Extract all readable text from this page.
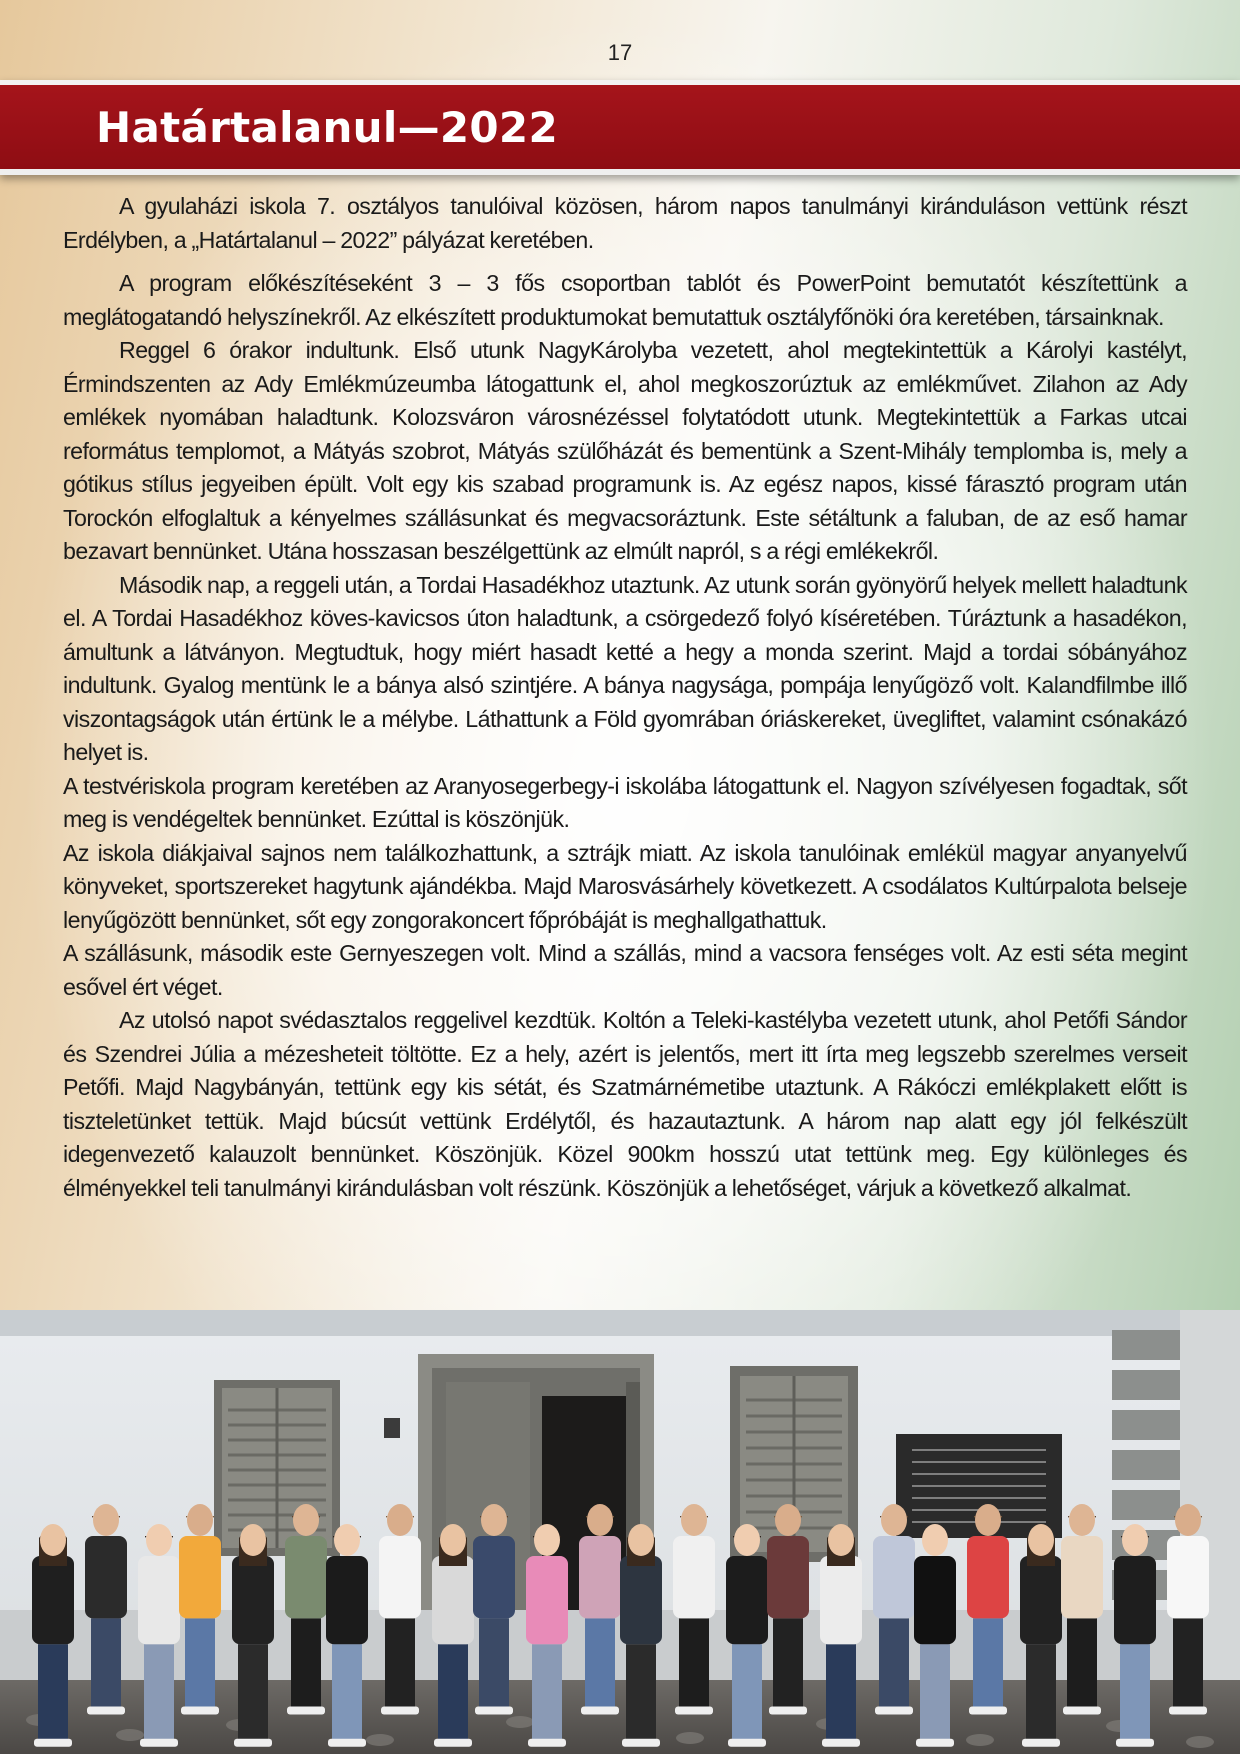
17
Határtalanul—2022

A gyulaházi iskola 7. osztályos tanulóival közösen, három napos tanulmányi kiránduláson vettünk részt Erdélyben, a „Határtalanul – 2022” pályázat keretében.

A program előkészítéseként 3 – 3 fős csoportban tablót és PowerPoint bemutatót készítettünk a meglátogatandó helyszínekről. Az elkészített produktumokat bemutattuk osztályfőnöki óra keretében, társainknak.

Reggel 6 órakor indultunk. Első utunk NagyKárolyba vezetett, ahol megtekintettük a Károlyi kastélyt, Érmindszenten az Ady Emlékmúzeumba látogattunk el, ahol megkoszorúztuk az emlékművet. Zilahon az Ady emlékek nyomában haladtunk. Kolozsváron városnézéssel folytatódott utunk. Megtekintettük a Farkas utcai református templomot, a Mátyás szobrot, Mátyás szülőházát és bementünk a Szent-Mihály templomba is, mely a gótikus stílus jegyeiben épült. Volt egy kis szabad programunk is. Az egész napos, kissé fárasztó program után Torockón elfoglaltuk a kényelmes szállásunkat és megvacsoráztunk. Este sétáltunk a faluban, de az eső hamar bezavart bennünket. Utána hosszasan beszélgettünk az elmúlt napról, s a régi emlékekről.

Második nap, a reggeli után, a Tordai Hasadékhoz utaztunk. Az utunk során gyönyörű helyek mellett haladtunk el. A Tordai Hasadékhoz köves-kavicsos úton haladtunk, a csörgedező folyó kíséretében. Túráztunk a hasadékon, ámultunk a látványon. Megtudtuk, hogy miért hasadt ketté a hegy a monda szerint. Majd a tordai sóbányához indultunk. Gyalog mentünk le a bánya alsó szintjére. A bánya nagysága, pompája lenyűgöző volt. Kalandfilmbe illő viszontagságok után értünk le a mélybe. Láthattunk a Föld gyomrában óriáskereket, üvegliftet, valamint csónakázó helyet is.

A testvériskola program keretében az Aranyosegerbegy-i iskolába látogattunk el. Nagyon szívélyesen fogadtak, sőt meg is vendégeltek bennünket. Ezúttal is köszönjük.

Az iskola diákjaival sajnos nem találkozhattunk, a sztrájk miatt. Az iskola tanulóinak emlékül magyar anyanyelvű könyveket, sportszereket hagytunk ajándékba. Majd Marosvásárhely következett. A csodálatos Kultúrpalota belseje lenyűgözött bennünket, sőt egy zongorakoncert főpróbáját is meghallgathattuk.

A szállásunk, második este Gernyeszegen volt. Mind a szállás, mind a vacsora fenséges volt. Az esti séta megint esővel ért véget.

Az utolsó napot svédasztalos reggelivel kezdtük. Koltón a Teleki-kastélyba vezetett utunk, ahol Petőfi Sándor és Szendrei Júlia a mézesheteit töltötte. Ez a hely, azért is jelentős, mert itt írta meg legszebb szerelmes verseit Petőfi. Majd Nagybányán, tettünk egy kis sétát, és Szatmárnémetibe utaztunk. A Rákóczi emlékplakett előtt is tiszteletünket tettük. Majd búcsút vettünk Erdélytől, és hazautaztunk. A három nap alatt egy jól felkészült idegenvezető kalauzolt bennünket. Köszönjük. Közel 900km hosszú utat tettünk meg. Egy különleges és élményekkel teli tanulmányi kirándulásban volt részünk. Köszönjük a lehetőséget, várjuk a következő alkalmat.
